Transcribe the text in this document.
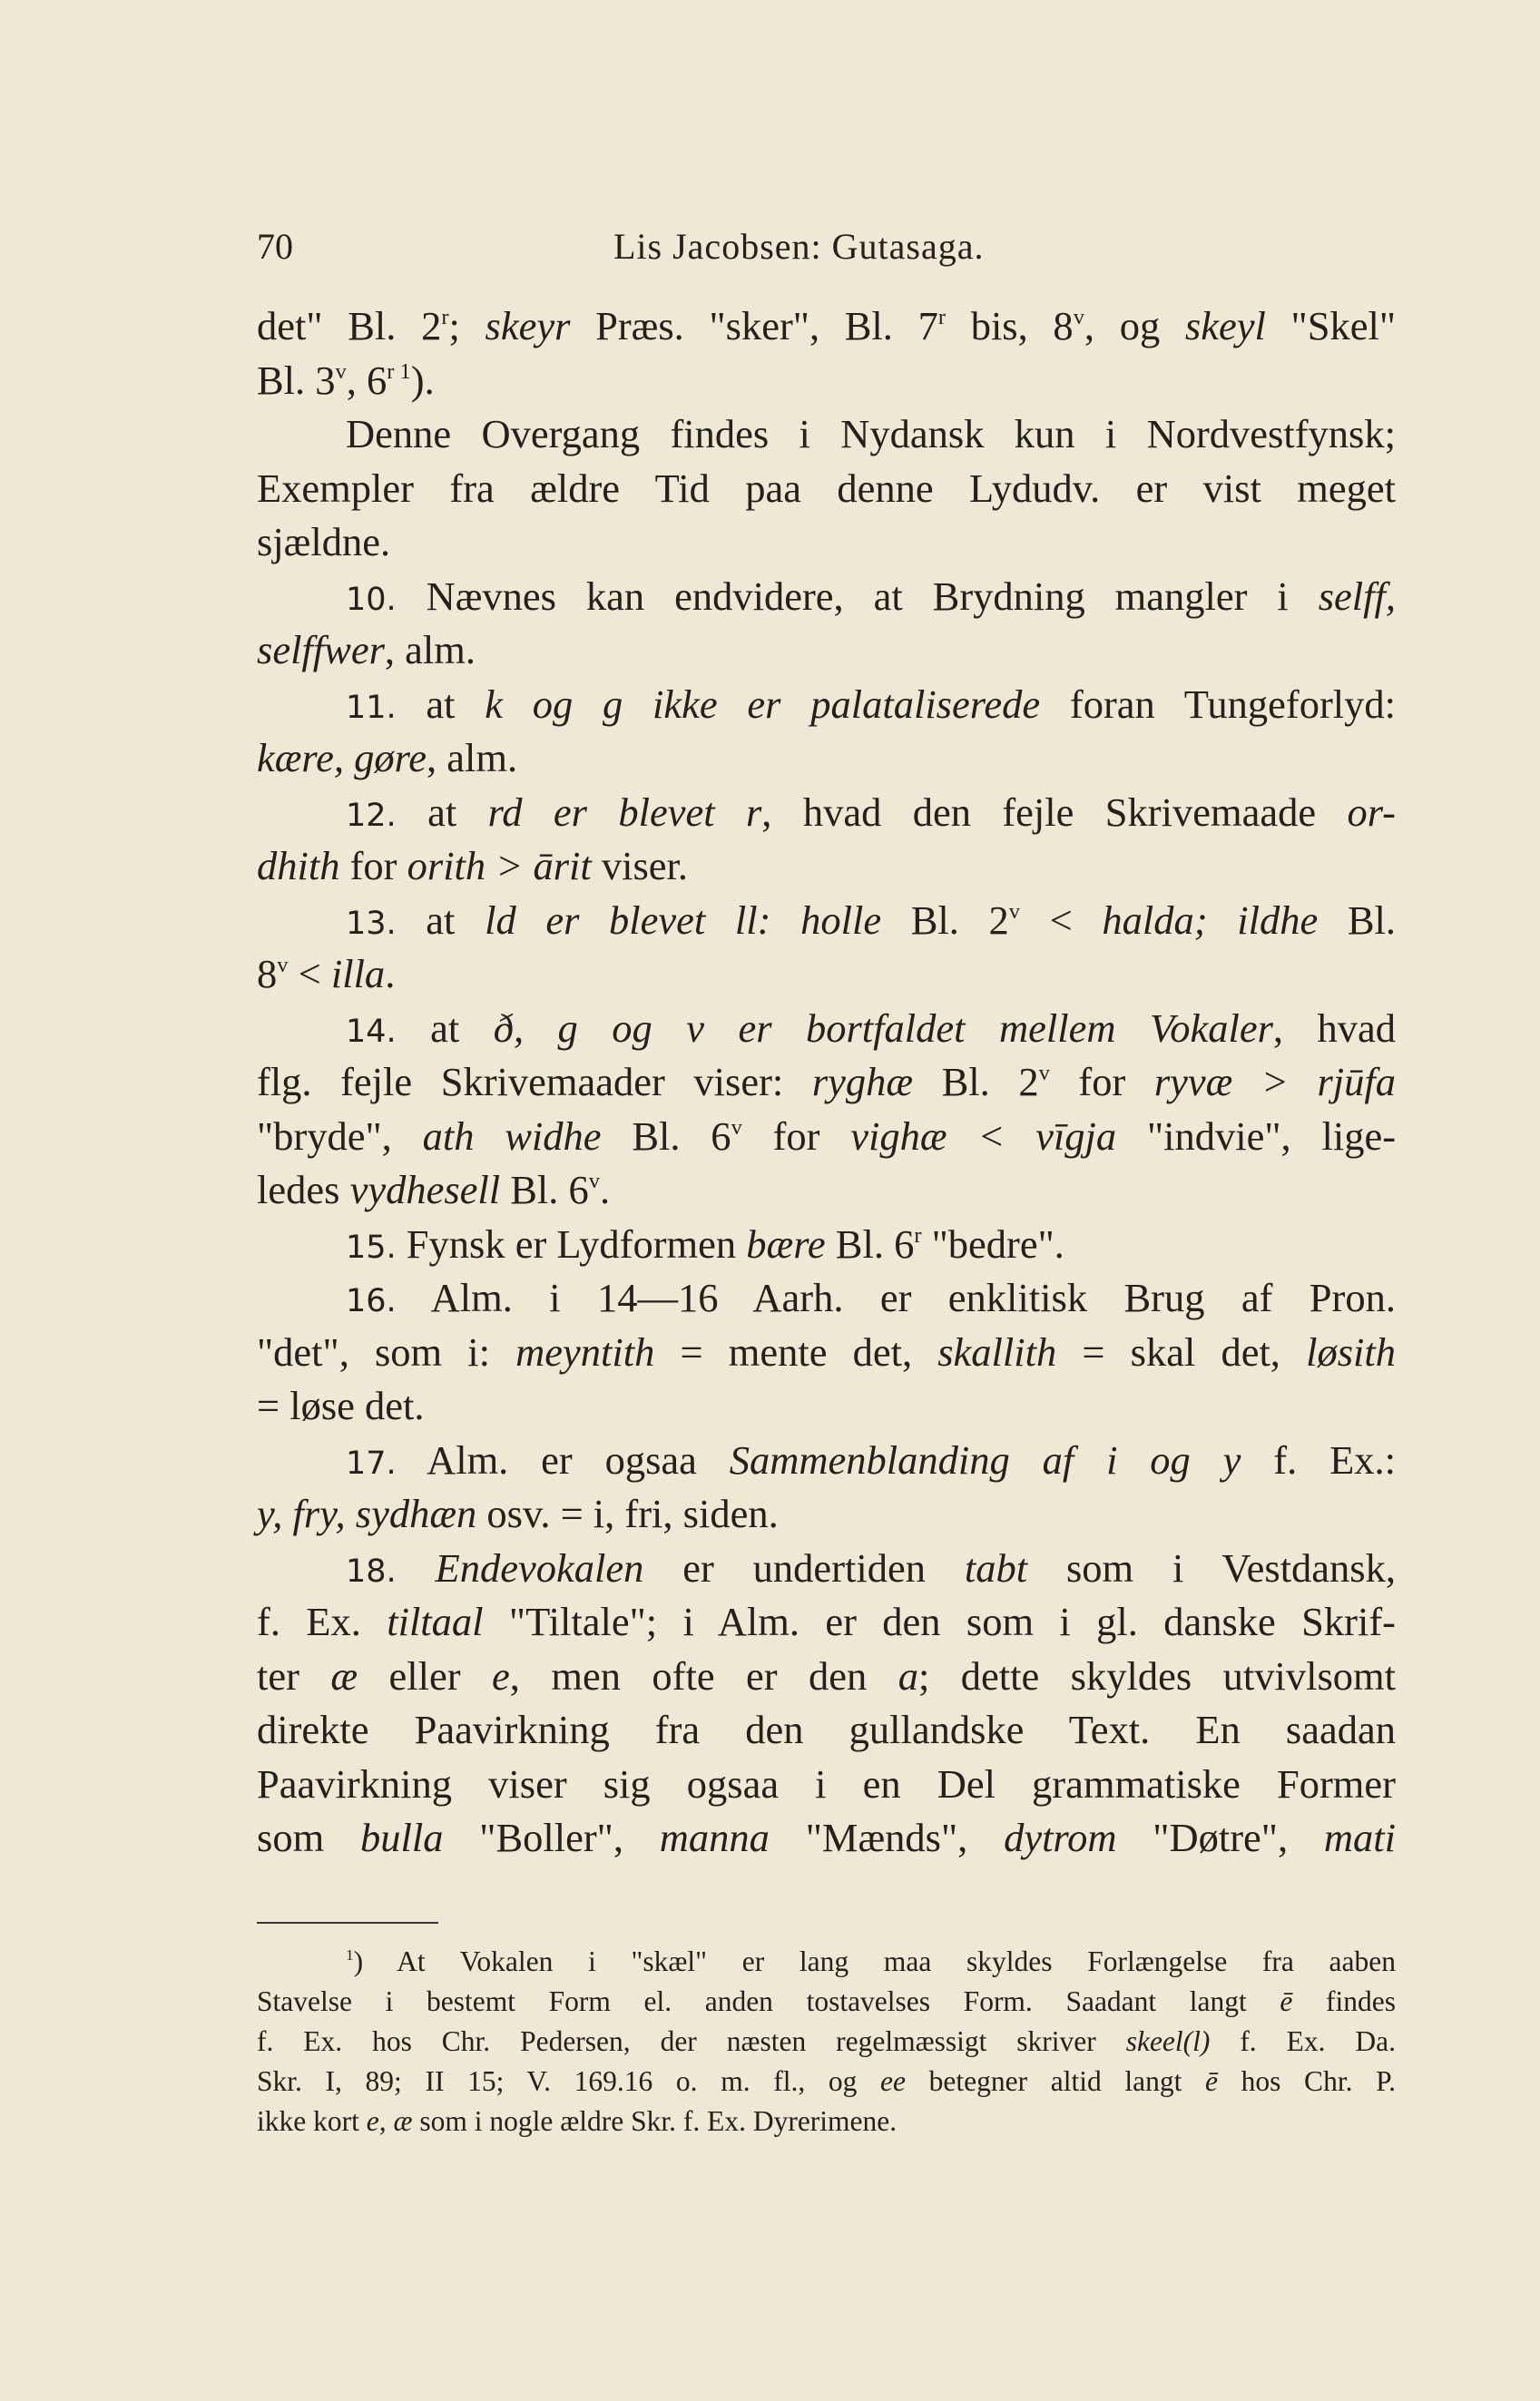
70	Lis Jacobsen: Gutasaga.
det" Bl. 2$^r$; skeyr Præs. "sker", Bl. 7$^r$ bis, 8$^v$, og skeyl "Skel"
Bl. 3$^v$, $6^{r 1}$).
Denne Overgang findes i Nydansk kun i Nordvestfynsk;
Exempler fra ældre Tid paa denne Lydudv. er vist meget
sjældne.
10. Nævnes kan endvidere, at Brydning mangler i selff,
selffwer, alm.
11. at k og g ikke er palataliserede foran Tungeforlyd:
kære, gøre, alm.
12. at rd er blevet r, hvad den fejle Skrivemaade or-
dhith for orith > ārit viser.
13. at ld er blevet ll: holle Bl. $2^v$ < halda; ildhe Bl.
$8^v$ < illa.
14. at ð, g og v er bortfaldet mellem Vokaler, hvad
flg. fejle Skrivemaader viser: ryghæ Bl. 2$^v$ for ryvæ > rjūfa
"bryde", ath widhe Bl. 6$^v$ for vighæ < vīgja "indvie", lige-
ledes vydhesell Bl. 6$^v$.
15. Fynsk er Lydformen bære Bl. 6$^r$ "bedre".
16. Alm. i 14—16 Aarh. er enklitisk Brug af Pron.
"det", som i: meyntith = mente det, skallith = skal det, løsith
= løse det.
17. Alm. er ogsaa Sammenblanding af i og y f. Ex.:
y, fry, sydhæn osv. = i, fri, siden.
18. Endevokalen er undertiden tabt som i Vestdansk,
f. Ex. tiltaal "Tiltale"; i Alm. er den som i gl. danske Skrif-
ter æ eller e, men ofte er den a; dette skyldes utvivlsomt
direkte Paavirkning fra den gullandske Text. En saadan
Paavirkning viser sig ogsaa i en Del grammatiske Former
som bulla "Boller", manna "Mænds", dytrom "Døtre", mati
$^1$) At Vokalen i "skæl" er lang maa skyldes Forlængelse fra aaben
Stavelse i bestemt Form el. anden tostavelses Form. Saadant langt ē findes
f. Ex. hos Chr. Pedersen, der næsten regelmæssigt skriver skeel(l) f. Ex. Da.
Skr. I, 89; II 15; V. 169.16 o. m. fl., og ee betegner altid langt ē hos Chr. P.
ikke kort e, æ som i nogle ældre Skr. f. Ex. Dyrerimene.
